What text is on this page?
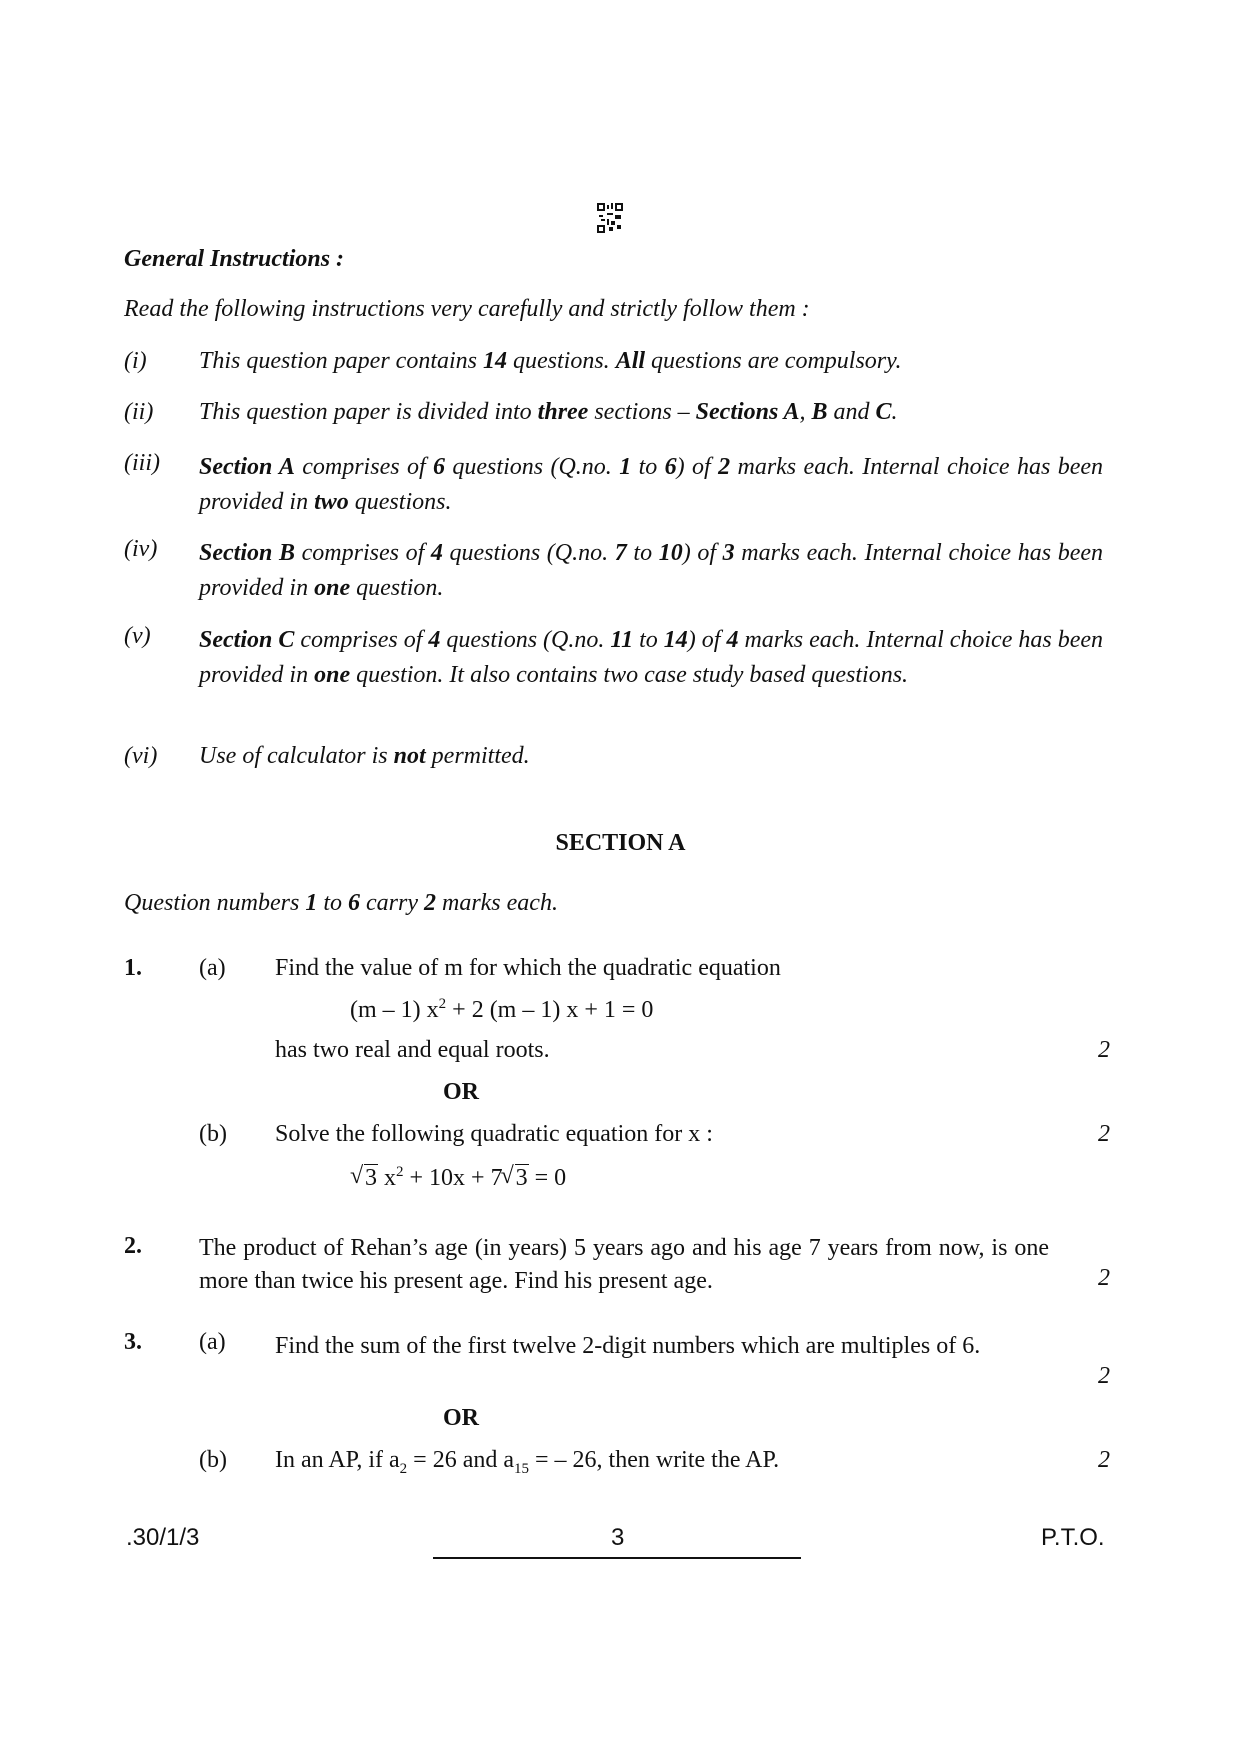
General Instructions :
Read the following instructions very carefully and strictly follow them :
(i) This question paper contains 14 questions. All questions are compulsory.
(ii) This question paper is divided into three sections – Sections A, B and C.
(iii) Section A comprises of 6 questions (Q.no. 1 to 6) of 2 marks each. Internal choice has been provided in two questions.
(iv) Section B comprises of 4 questions (Q.no. 7 to 10) of 3 marks each. Internal choice has been provided in one question.
(v) Section C comprises of 4 questions (Q.no. 11 to 14) of 4 marks each. Internal choice has been provided in one question. It also contains two case study based questions.
(vi) Use of calculator is not permitted.
SECTION A
Question numbers 1 to 6 carry 2 marks each.
1. (a) Find the value of m for which the quadratic equation
(m – 1) $x^2 + 2$ (m – 1) x + 1 = 0
has two real and equal roots.	2
OR
(b) Solve the following quadratic equation for x :	2
√ 3 $x^2 + 10x + 7$ √ 3 = 0
2. The product of Rehan’s age (in years) 5 years ago and his age 7 years from now, is one more than twice his present age. Find his present age.	2
3. (a) Find the sum of the first twelve 2-digit numbers which are multiples of 6.
2
OR
(b) In an AP, if $a_2 = 26$ and $a_{15}$ = – 26, then write the AP.	2
.30/1/3	3	P.T.O.
